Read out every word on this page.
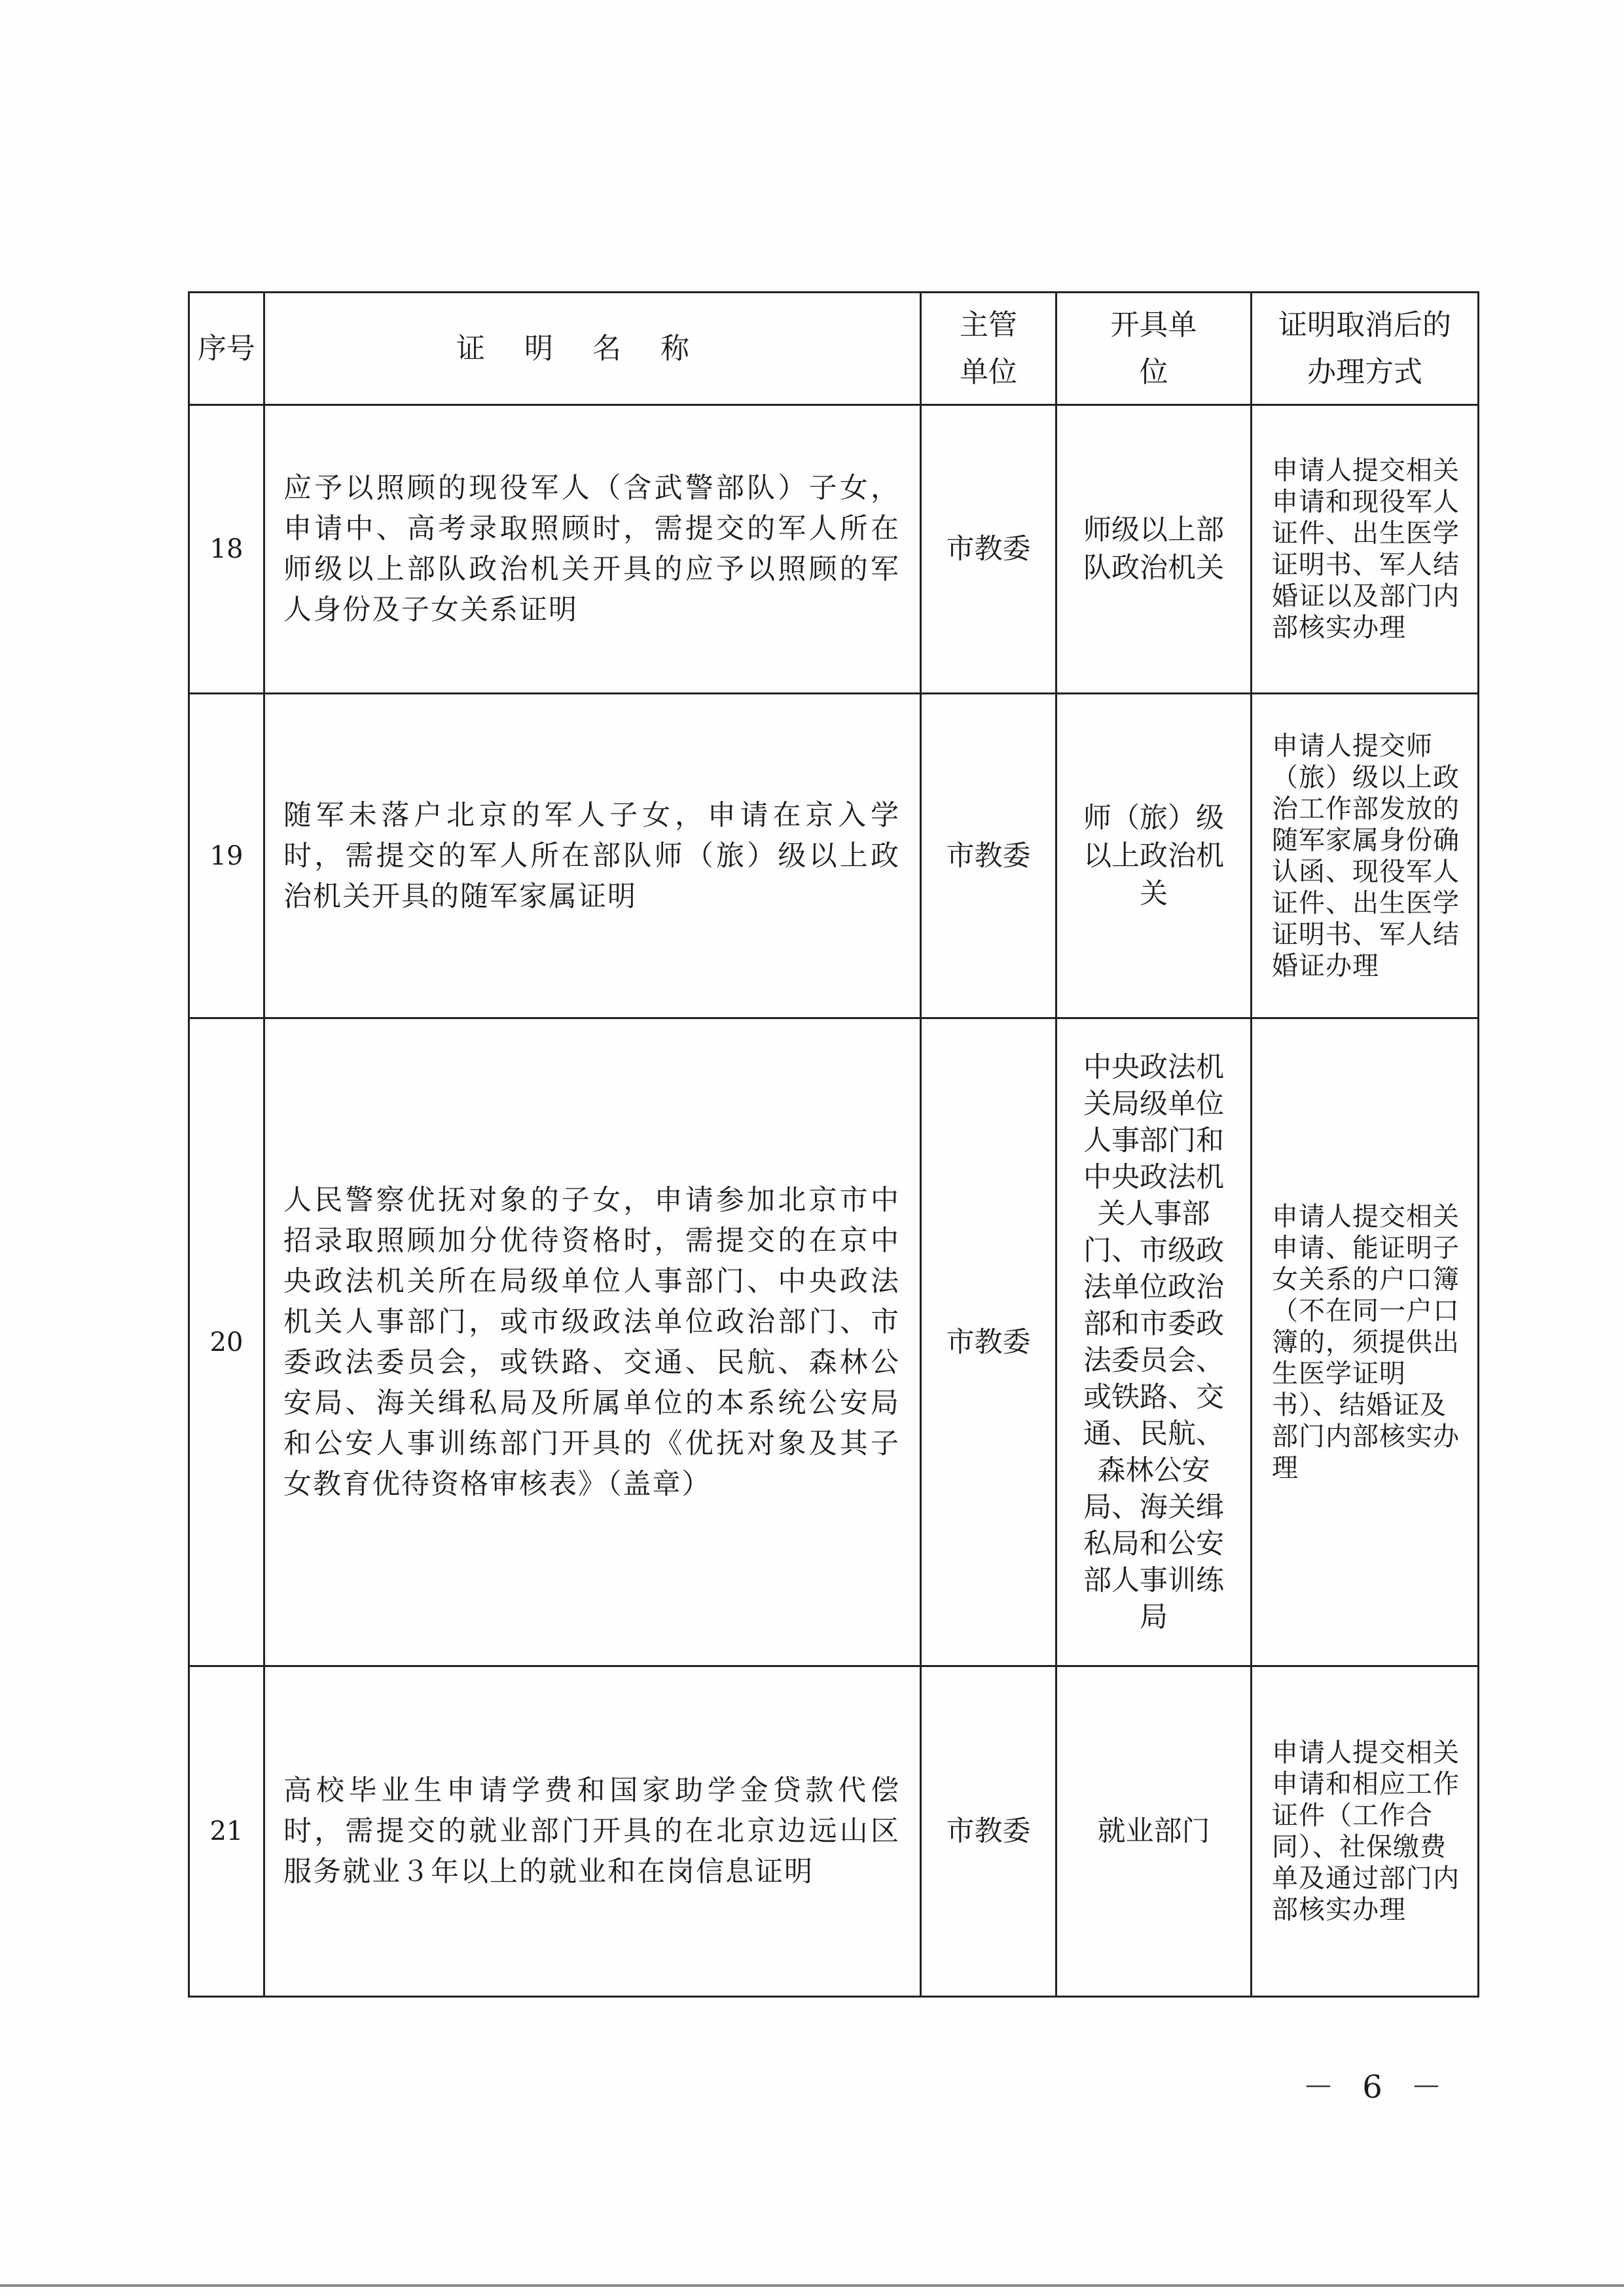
序号	证明名称	主管单位	开具单位	证明取消后的办理方式
18	应予以照顾的现役军人（含武警部队）子女，申请中、高考录取照顾时，需提交的军人所在师级以上部队政治机关开具的应予以照顾的军人身份及子女关系证明	市教委	师级以上部队政治机关	申请人提交相关申请和现役军人证件、出生医学证明书、军人结婚证以及部门内部核实办理
19	随军未落户北京的军人子女，申请在京入学时，需提交的军人所在部队师（旅）级以上政治机关开具的随军家属证明	市教委	师（旅）级以上政治机关	申请人提交师（旅）级以上政治工作部发放的随军家属身份确认函、现役军人证件、出生医学证明书、军人结婚证办理
20	人民警察优抚对象的子女，申请参加北京市中招录取照顾加分优待资格时，需提交的在京中央政法机关所在局级单位人事部门、中央政法机关人事部门，或市级政法单位政治部门、市委政法委员会，或铁路、交通、民航、森林公安局、海关缉私局及所属单位的本系统公安局和公安人事训练部门开具的《优抚对象及其子女教育优待资格审核表》（盖章）	市教委	中央政法机关局级单位人事部门和中央政法机关人事部门、市级政法单位政治部和市委政法委员会、或铁路、交通、民航、森林公安局、海关缉私局和公安部人事训练局	申请人提交相关申请、能证明子女关系的户口簿（不在同一户口簿的，须提供出生医学证明书）、结婚证及部门内部核实办理
21	高校毕业生申请学费和国家助学金贷款代偿时，需提交的就业部门开具的在北京边远山区服务就业３年以上的就业和在岗信息证明	市教委	就业部门	申请人提交相关申请和相应工作证件（工作合同）、社保缴费单及通过部门内部核实办理
－ 6 －
